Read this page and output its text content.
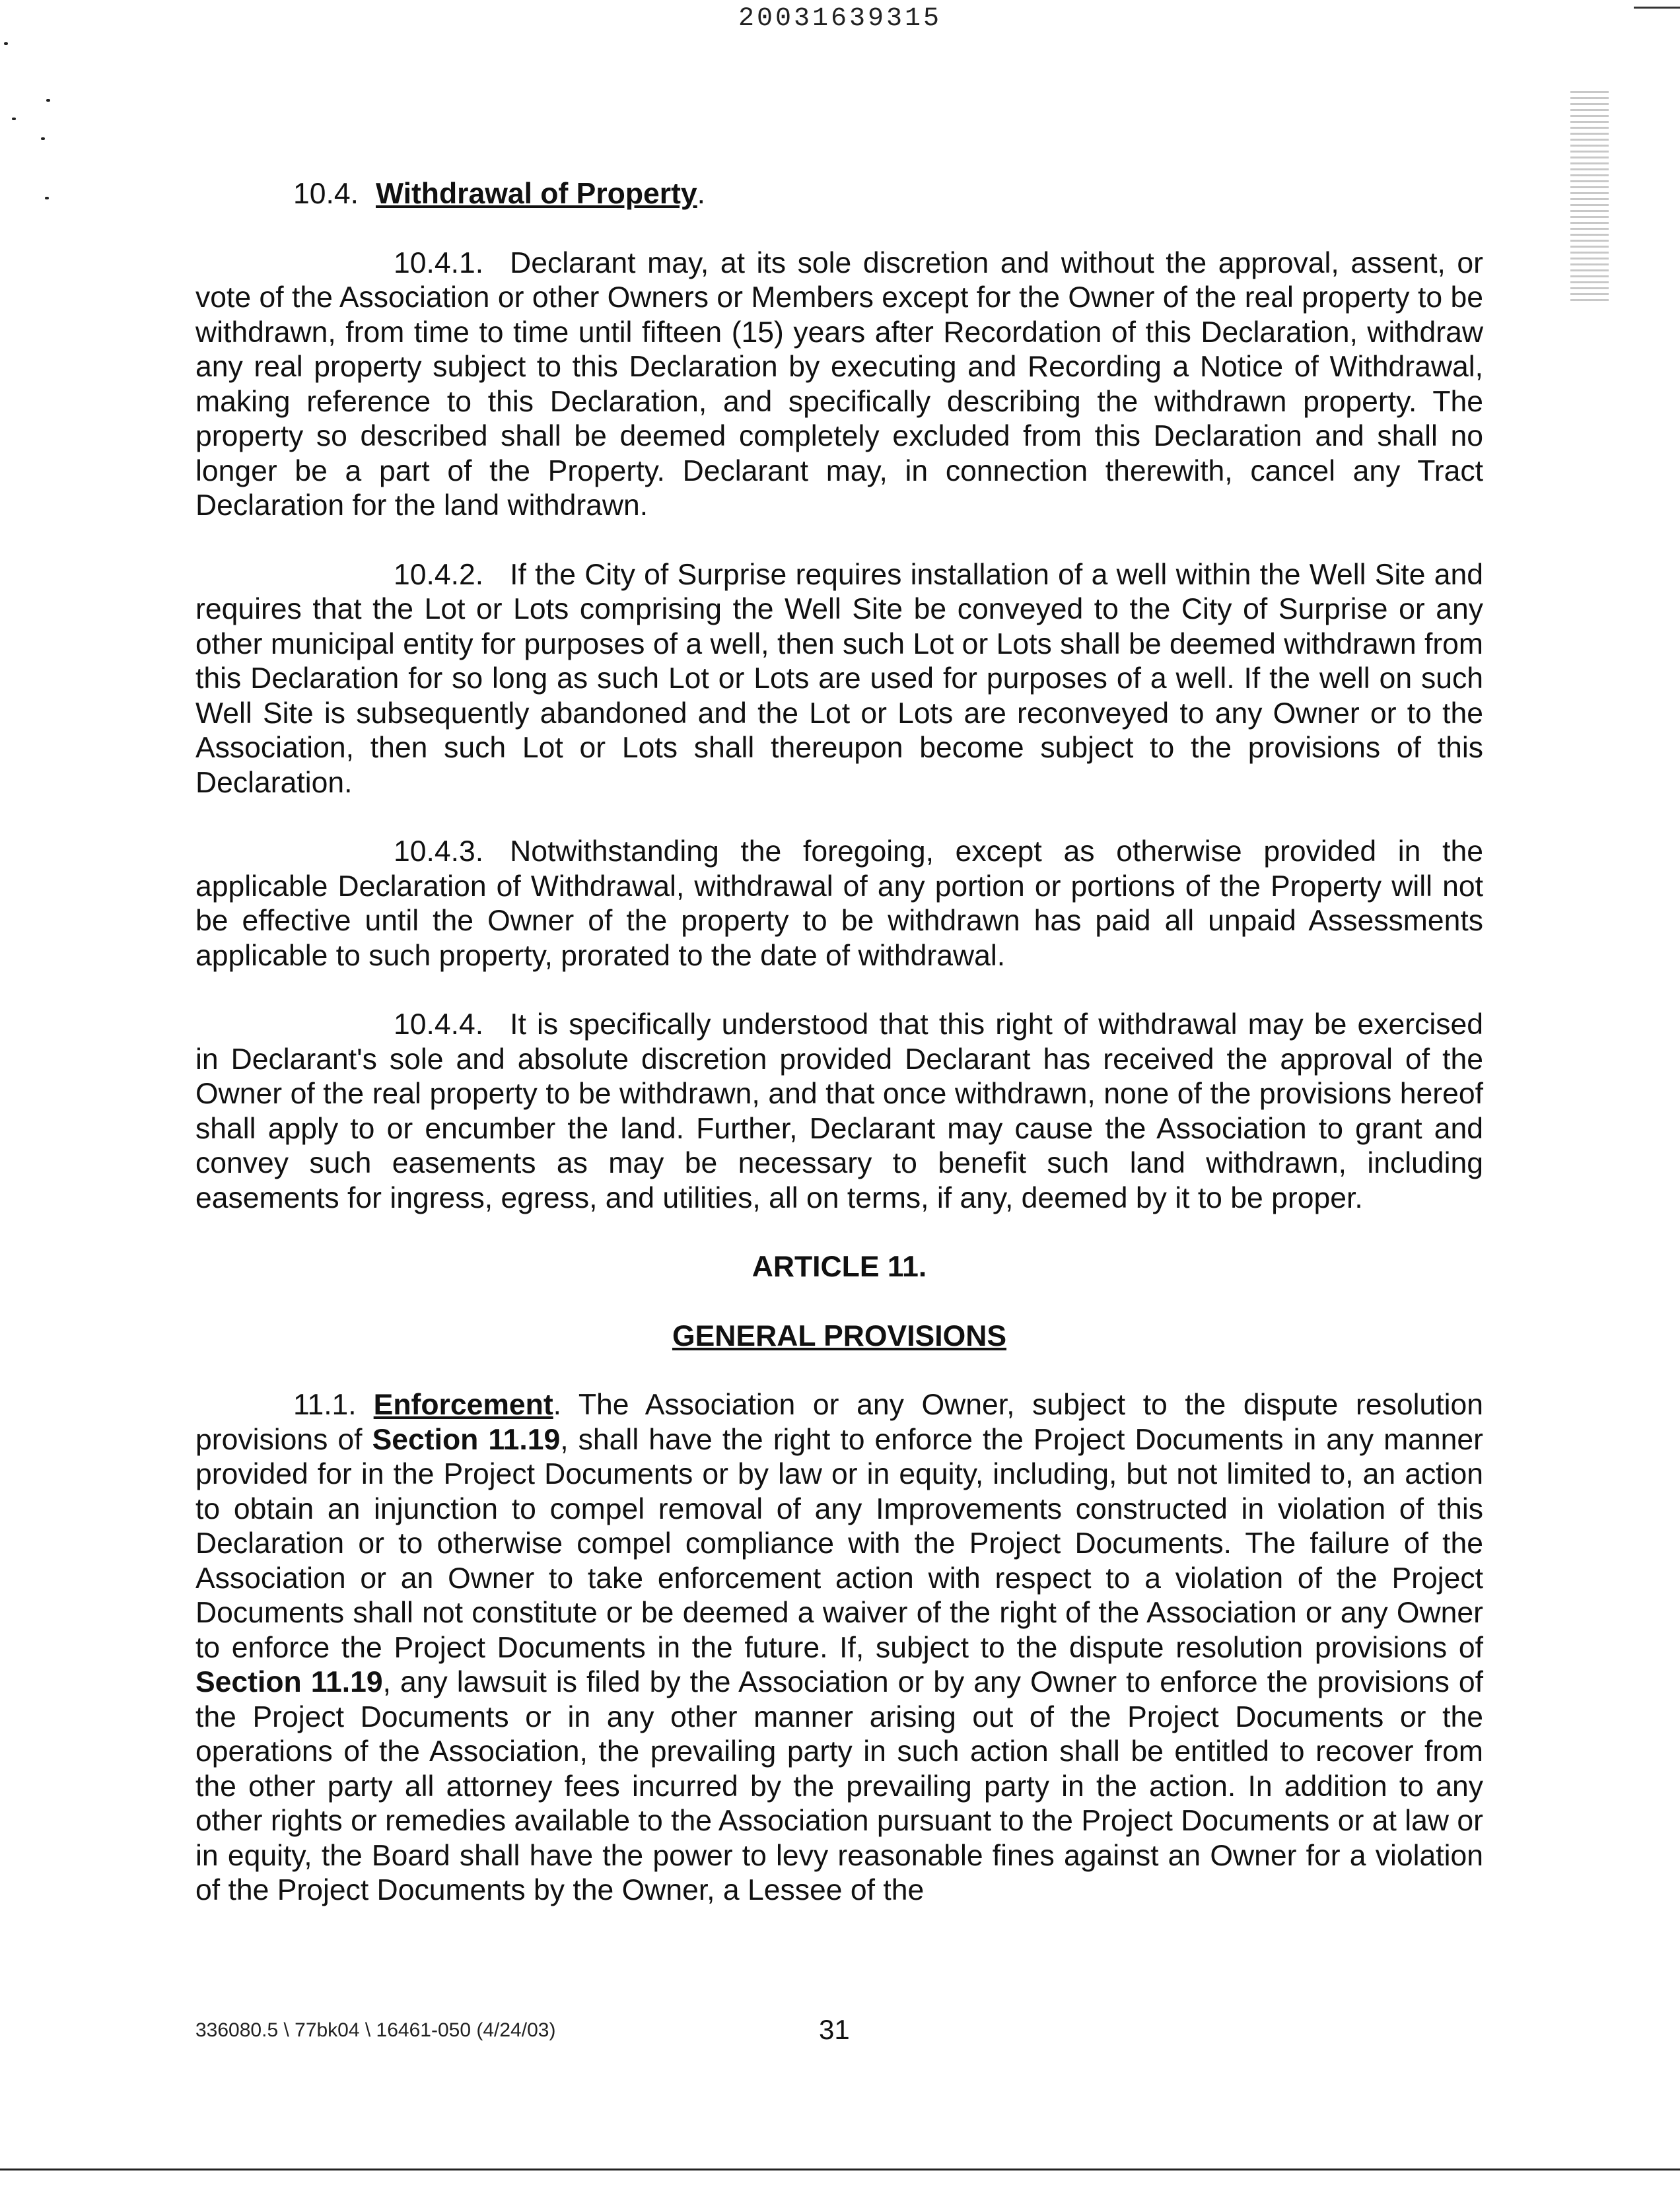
20031639315

10.4. Withdrawal of Property.

10.4.1. Declarant may, at its sole discretion and without the approval, assent, or vote of the Association or other Owners or Members except for the Owner of the real property to be withdrawn, from time to time until fifteen (15) years after Recordation of this Declaration, withdraw any real property subject to this Declaration by executing and Recording a Notice of Withdrawal, making reference to this Declaration, and specifically describing the withdrawn property. The property so described shall be deemed completely excluded from this Declaration and shall no longer be a part of the Property. Declarant may, in connection therewith, cancel any Tract Declaration for the land withdrawn.

10.4.2. If the City of Surprise requires installation of a well within the Well Site and requires that the Lot or Lots comprising the Well Site be conveyed to the City of Surprise or any other municipal entity for purposes of a well, then such Lot or Lots shall be deemed withdrawn from this Declaration for so long as such Lot or Lots are used for purposes of a well. If the well on such Well Site is subsequently abandoned and the Lot or Lots are reconveyed to any Owner or to the Association, then such Lot or Lots shall thereupon become subject to the provisions of this Declaration.

10.4.3. Notwithstanding the foregoing, except as otherwise provided in the applicable Declaration of Withdrawal, withdrawal of any portion or portions of the Property will not be effective until the Owner of the property to be withdrawn has paid all unpaid Assessments applicable to such property, prorated to the date of withdrawal.

10.4.4. It is specifically understood that this right of withdrawal may be exercised in Declarant's sole and absolute discretion provided Declarant has received the approval of the Owner of the real property to be withdrawn, and that once withdrawn, none of the provisions hereof shall apply to or encumber the land. Further, Declarant may cause the Association to grant and convey such easements as may be necessary to benefit such land withdrawn, including easements for ingress, egress, and utilities, all on terms, if any, deemed by it to be proper.

ARTICLE 11.

GENERAL PROVISIONS

11.1. Enforcement. The Association or any Owner, subject to the dispute resolution provisions of Section 11.19, shall have the right to enforce the Project Documents in any manner provided for in the Project Documents or by law or in equity, including, but not limited to, an action to obtain an injunction to compel removal of any Improvements constructed in violation of this Declaration or to otherwise compel compliance with the Project Documents. The failure of the Association or an Owner to take enforcement action with respect to a violation of the Project Documents shall not constitute or be deemed a waiver of the right of the Association or any Owner to enforce the Project Documents in the future. If, subject to the dispute resolution provisions of Section 11.19, any lawsuit is filed by the Association or by any Owner to enforce the provisions of the Project Documents or in any other manner arising out of the Project Documents or the operations of the Association, the prevailing party in such action shall be entitled to recover from the other party all attorney fees incurred by the prevailing party in the action. In addition to any other rights or remedies available to the Association pursuant to the Project Documents or at law or in equity, the Board shall have the power to levy reasonable fines against an Owner for a violation of the Project Documents by the Owner, a Lessee of the

336080.5 \ 77bk04 \ 16461-050 (4/24/03)	31
